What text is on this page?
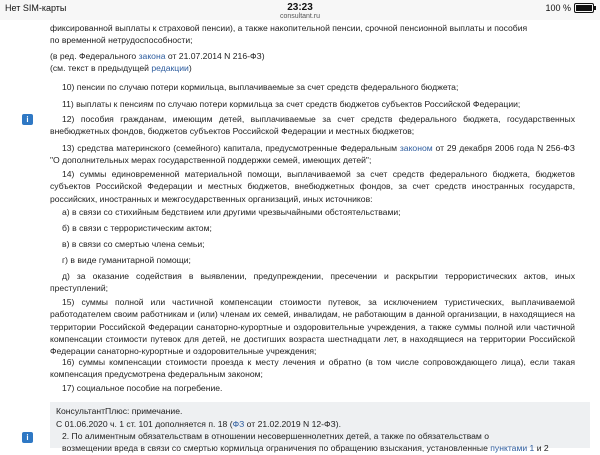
Нет SIM-карты	23:23
consultant.ru
100 %
фиксированной выплаты к страховой пенсии), а также накопительной пенсии, срочной пенсионной выплаты и пособия
по временной нетрудоспособности;
(в ред. Федерального закона от 21.07.2014 N 216-ФЗ)
(см. текст в предыдущей редакции)
10) пенсии по случаю потери кормильца, выплачиваемые за счет средств федерального бюджета;
11) выплаты к пенсиям по случаю потери кормильца за счет средств бюджетов субъектов Российской Федерации;
i	12) пособия гражданам, имеющим детей, выплачиваемые за счет средств федерального бюджета, государственных внебюджетных фондов, бюджетов субъектов Российской Федерации и местных бюджетов;
13) средства материнского (семейного) капитала, предусмотренные Федеральным законом от 29 декабря 2006 года N 256-ФЗ "О дополнительных мерах государственной поддержки семей, имеющих детей";
14) суммы единовременной материальной помощи, выплачиваемой за счет средств федерального бюджета, бюджетов субъектов Российской Федерации и местных бюджетов, внебюджетных фондов, за счет средств иностранных государств, российских, иностранных и межгосударственных организаций, иных источников:
а) в связи со стихийным бедствием или другими чрезвычайными обстоятельствами;
б) в связи с террористическим актом;
в) в связи со смертью члена семьи;
г) в виде гуманитарной помощи;
д) за оказание содействия в выявлении, предупреждении, пресечении и раскрытии террористических актов, иных преступлений;
15) суммы полной или частичной компенсации стоимости путевок, за исключением туристических, выплачиваемой работодателем своим работникам и (или) членам их семей, инвалидам, не работающим в данной организации, в находящиеся на территории Российской Федерации санаторно-курортные и оздоровительные учреждения, а также суммы полной или частичной компенсации стоимости путевок для детей, не достигших возраста шестнадцати лет, в находящиеся на территории Российской Федерации санаторно-курортные и оздоровительные учреждения;
16) суммы компенсации стоимости проезда к месту лечения и обратно (в том числе сопровождающего лица), если такая компенсация предусмотрена федеральным законом;
17) социальное пособие на погребение.
КонсультантПлюс: примечание.
С 01.06.2020 ч. 1 ст. 101 дополняется п. 18 (ФЗ от 21.02.2019 N 12-ФЗ).
i	2. По алиментным обязательствам в отношении несовершеннолетних детей, а также по обязательствам о
возмещении вреда в связи со смертью кормильца ограничения по обращению взыскания, установленные пунктами 1 и 2
